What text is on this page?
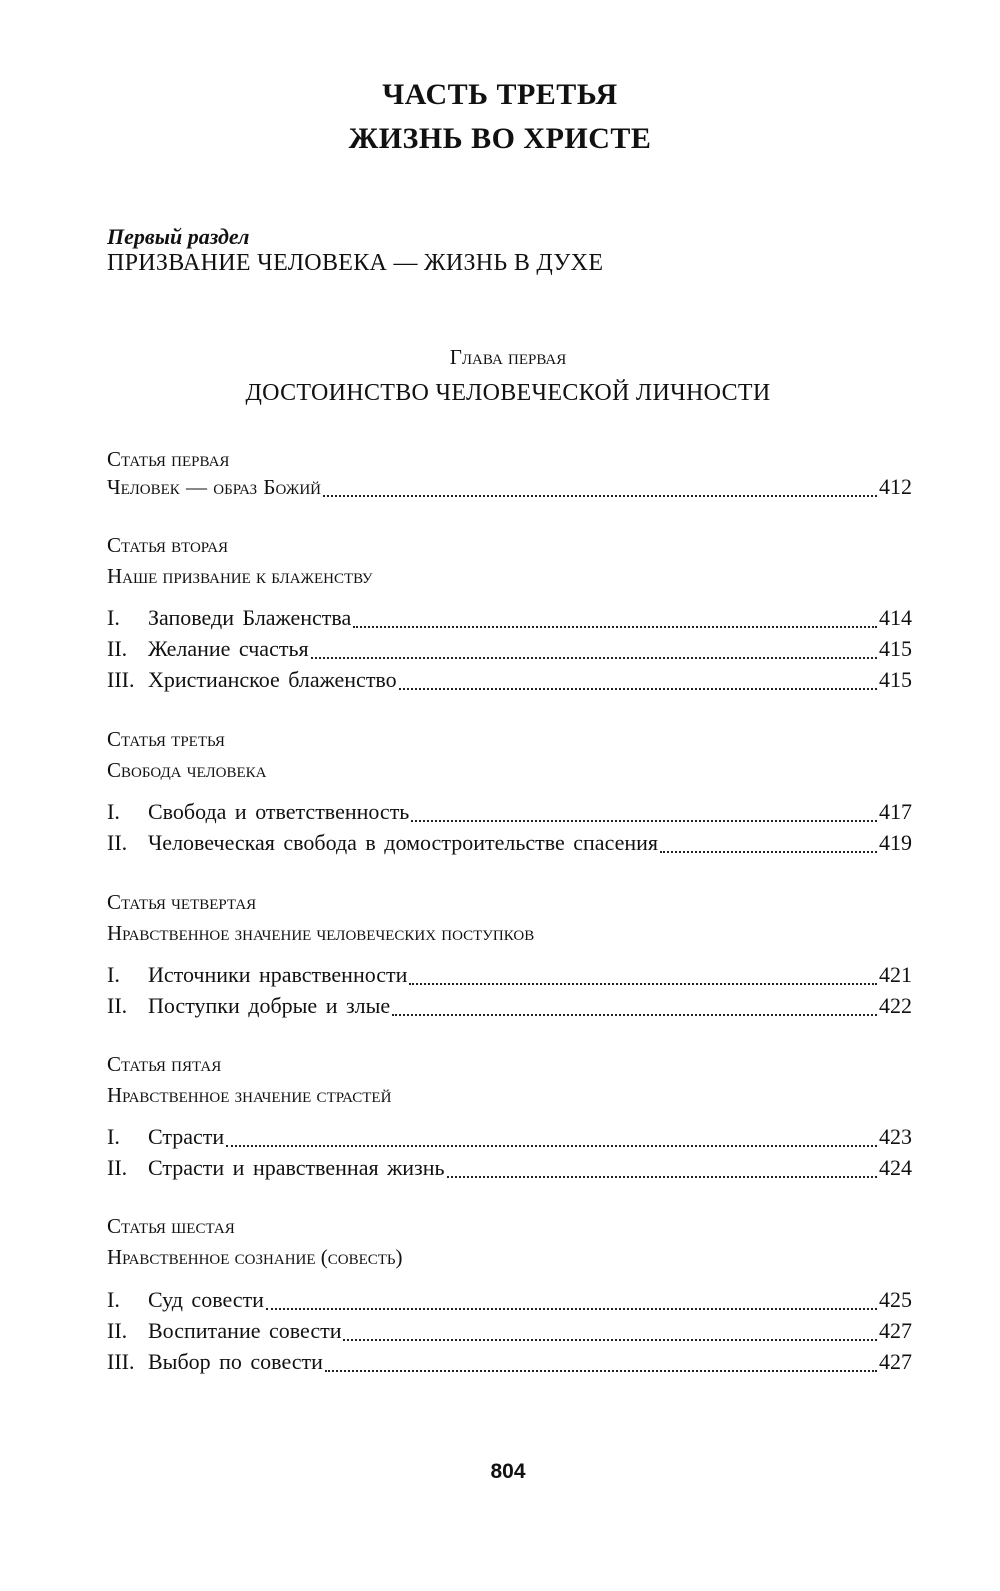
ЧАСТЬ ТРЕТЬЯ
ЖИЗНЬ ВО ХРИСТЕ
Первый раздел
ПРИЗВАНИЕ ЧЕЛОВЕКА — ЖИЗНЬ В ДУХЕ
Глава первая
ДОСТОИНСТВО ЧЕЛОВЕЧЕСКОЙ ЛИЧНОСТИ
Статья первая
Человек — образ Божий	412
Статья вторая
Наше призвание к блаженству
I.	Заповеди Блаженства	414
II. Желание счастья	415
III. Христианское блаженство	415
Статья третья
Свобода человека
I.	Свобода и ответственность	417
II. Человеческая свобода в домостроительстве спасения	419
Статья четвертая
Нравственное значение человеческих поступков
I.	Источники нравственности	421
II. Поступки добрые и злые	422
Статья пятая
Нравственное значение страстей
I.	Страсти	423
II. Страсти и нравственная жизнь	424
Статья шестая
Нравственное сознание (совесть)
I.	Суд совести	425
II. Воспитание совести	427
III. Выбор по совести	427
804
